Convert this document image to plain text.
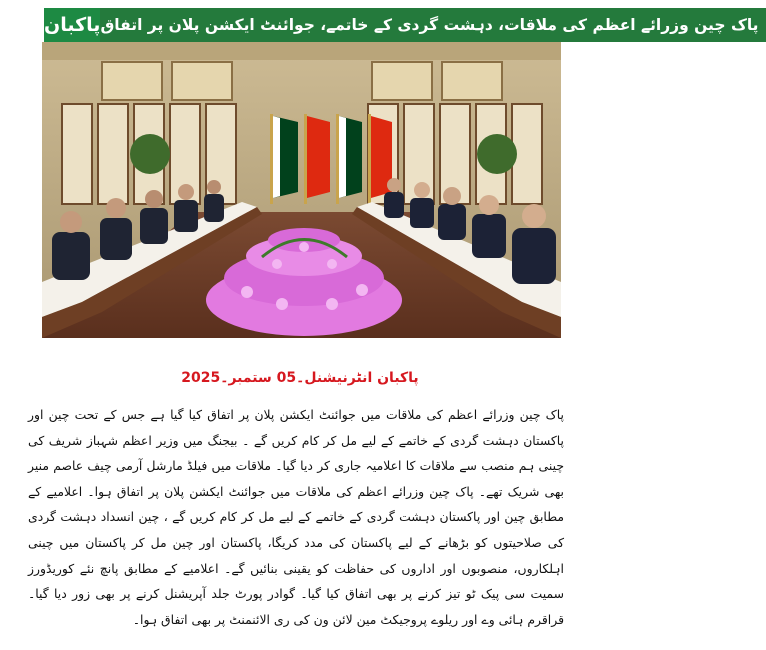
پاکبان پاک چین وزرائے اعظم کی ملاقات، دہشت گردی کے خاتمے، جوائنٹ ایکشن پلان پر اتفاق
پاکبان انٹرنیشنل۔05 ستمبر۔2025
پاک چین وزرائے اعظم کی ملاقات میں جوائنٹ ایکشن پلان پر اتفاق کیا گیا ہے جس کے تحت چین اور پاکستان دہشت گردی کے خاتمے کے لیے مل کر کام کریں گے ۔ بیجنگ میں وزیر اعظم شہباز شریف کی چینی ہم منصب سے ملاقات کا اعلامیہ جاری کر دیا گیا۔ ملاقات میں فیلڈ مارشل آرمی چیف عاصم منیر بھی شریک تھے۔ پاک چین وزرائے اعظم کی ملاقات میں جوائنٹ ایکشن پلان پر اتفاق ہوا۔ اعلامیے کے مطابق چین اور پاکستان دہشت گردی کے خاتمے کے لیے مل کر کام کریں گے ، چین انسداد دہشت گردی کی صلاحیتوں کو بڑھانے کے لیے پاکستان کی مدد کریگا، پاکستان اور چین مل کر پاکستان میں چینی اہلکاروں، منصوبوں اور اداروں کی حفاظت کو یقینی بنائیں گے۔ اعلامیے کے مطابق پانچ نئے کوریڈورز سمیت سی پیک ٹو تیز کرنے پر بھی اتفاق کیا گیا۔ گوادر پورٹ جلد آپریشنل کرنے پر بھی زور دیا گیا۔ قراقرم ہائی وے اور ریلوے پروجیکٹ مین لائن ون کی ری الائنمنٹ پر بھی اتفاق ہوا۔
